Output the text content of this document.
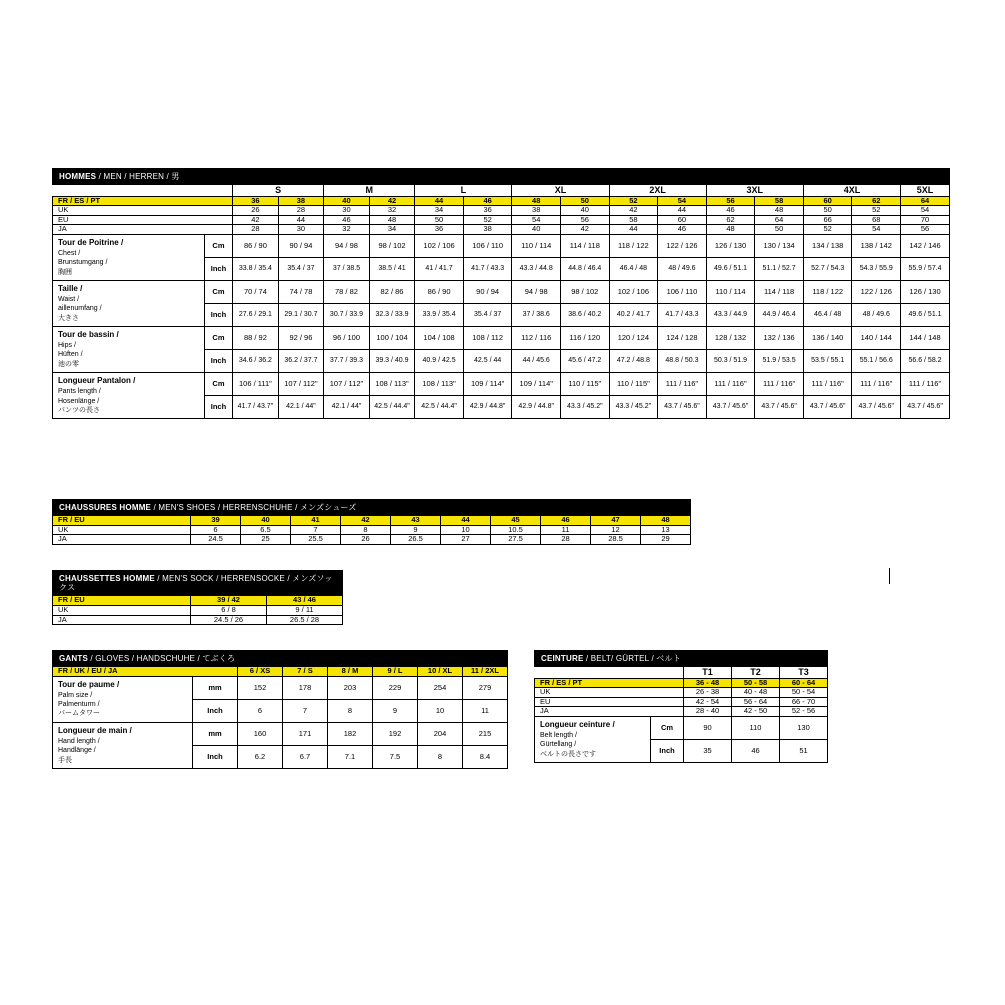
HOMMES / MEN / HERREN / 男																
		S		M		L		XL		2XL		3XL		4XL		5XL
FR / ES / PT		36	38	40	42	44	46	48	50	52	54	56	58	60	62	64
UK		26	28	30	32	34	36	38	40	42	44	46	48	50	52	54
EU		42	44	46	48	50	52	54	56	58	60	62	64	66	68	70
JA		28	30	32	34	36	38	40	42	44	46	48	50	52	54	56
Tour de Poitrine /
Chest /
Brunstumgang /
胸囲	Cm	86 / 90	90 / 94	94 / 98	98 / 102	102 / 106	106 / 110	110 / 114	114 / 118	118 / 122	122 / 126	126 / 130	130 / 134	134 / 138	138 / 142	142 / 146
	Inch	33.8 / 35.4	35.4 / 37	37 / 38.5	38.5 / 41	41 / 41.7	41.7 / 43.3	43.3 / 44.8	44.8 / 46.4	46.4 / 48	48 / 49.6	49.6 / 51.1	51.1 / 52.7	52.7 / 54.3	54.3 / 55.9	55.9 / 57.4
Taille /
Waist /
aillenumfang /
大きさ	Cm	70 / 74	74 / 78	78 / 82	82 / 86	86 / 90	90 / 94	94 / 98	98 / 102	102 / 106	106 / 110	110 / 114	114 / 118	118 / 122	122 / 126	126 / 130
	Inch	27.6 / 29.1	29.1 / 30.7	30.7 / 33.9	32.3 / 33.9	33.9 / 35.4	35.4 / 37	37 / 38.6	38.6 / 40.2	40.2 / 41.7	41.7 / 43.3	43.3 / 44.9	44.9 / 46.4	46.4 / 48	48 / 49.6	49.6 / 51.1
Tour de bassin /
Hips /
Hüften /
池の零	Cm	88 / 92	92 / 96	96 / 100	100 / 104	104 / 108	108 / 112	112 / 116	116 / 120	120 / 124	124 / 128	128 / 132	132 / 136	136 / 140	140 / 144	144 / 148
	Inch	34.6 / 36.2	36.2 / 37.7	37.7 / 39.3	39.3 / 40.9	40.9 / 42.5	42.5 / 44	44 / 45.6	45.6 / 47.2	47.2 / 48.8	48.8 / 50.3	50.3 / 51.9	51.9 / 53.5	53.5 / 55.1	55.1 / 56.6	56.6 / 58.2
Longueur Pantalon /
Pants length /
Hosenlänge /
パンツの長さ	Cm	106 / 111"	107 / 112"	107 / 112"	108 / 113"	108 / 113"	109 / 114"	109 / 114"	110 / 115"	110 / 115"	111 / 116"	111 / 116"	111 / 116"	111 / 116"	111 / 116"	111 / 116"
	Inch	41.7 / 43.7"	42.1 / 44"	42.1 / 44"	42.5 / 44.4"	42.5 / 44.4"	42.9 / 44.8"	42.9 / 44.8"	43.3 / 45.2"	43.3 / 45.2"	43.7 / 45.6"	43.7 / 45.6"	43.7 / 45.6"	43.7 / 45.6"	43.7 / 45.6"	43.7 / 45.6"
CHAUSSURES HOMME / MEN'S SHOES / HERRENSCHUHE / メンズシューズ										
FR / EU	39	40	41	42	43	44	45	46	47	48
UK	6	6.5	7	8	9	10	10.5	11	12	13
JA	24.5	25	25.5	26	26.5	27	27.5	28	28.5	29
CHAUSSETTES HOMME / MEN'S SOCK / HERRENSOCKE / メンズソックス		
FR / EU	39 / 42	43 / 46
UK	6 / 8	9 / 11
JA	24.5 / 26	26.5 / 28
GANTS / GLOVES / HANDSCHUHE / てぶくろ							
FR / UK / EU / JA		6 / XS	7 / S	8 / M	9 / L	10 / XL	11 / 2XL
Tour de paume /
Palm size /
Palmenturm /
パームタワー	mm	152	178	203	229	254	279
	Inch	6	7	8	9	10	11
Longueur de main /
Hand length /
Handlänge /
手長	mm	160	171	182	192	204	215
	Inch	6.2	6.7	7.1	7.5	8	8.4
CEINTURE / BELT/ GÜRTEL / ベルト				
		T1	T2	T3
FR / ES / PT		36 - 48	50 - 58	60 - 64
UK		26 - 38	40 - 48	50 - 54
EU		42 - 54	56 - 64	66 - 70
JA		28 - 40	42 - 50	52 - 56
Longueur ceinture /
Belt length /
Gürtellang /
ベルトの長さです	Cm	90	110	130
	Inch	35	46	51
